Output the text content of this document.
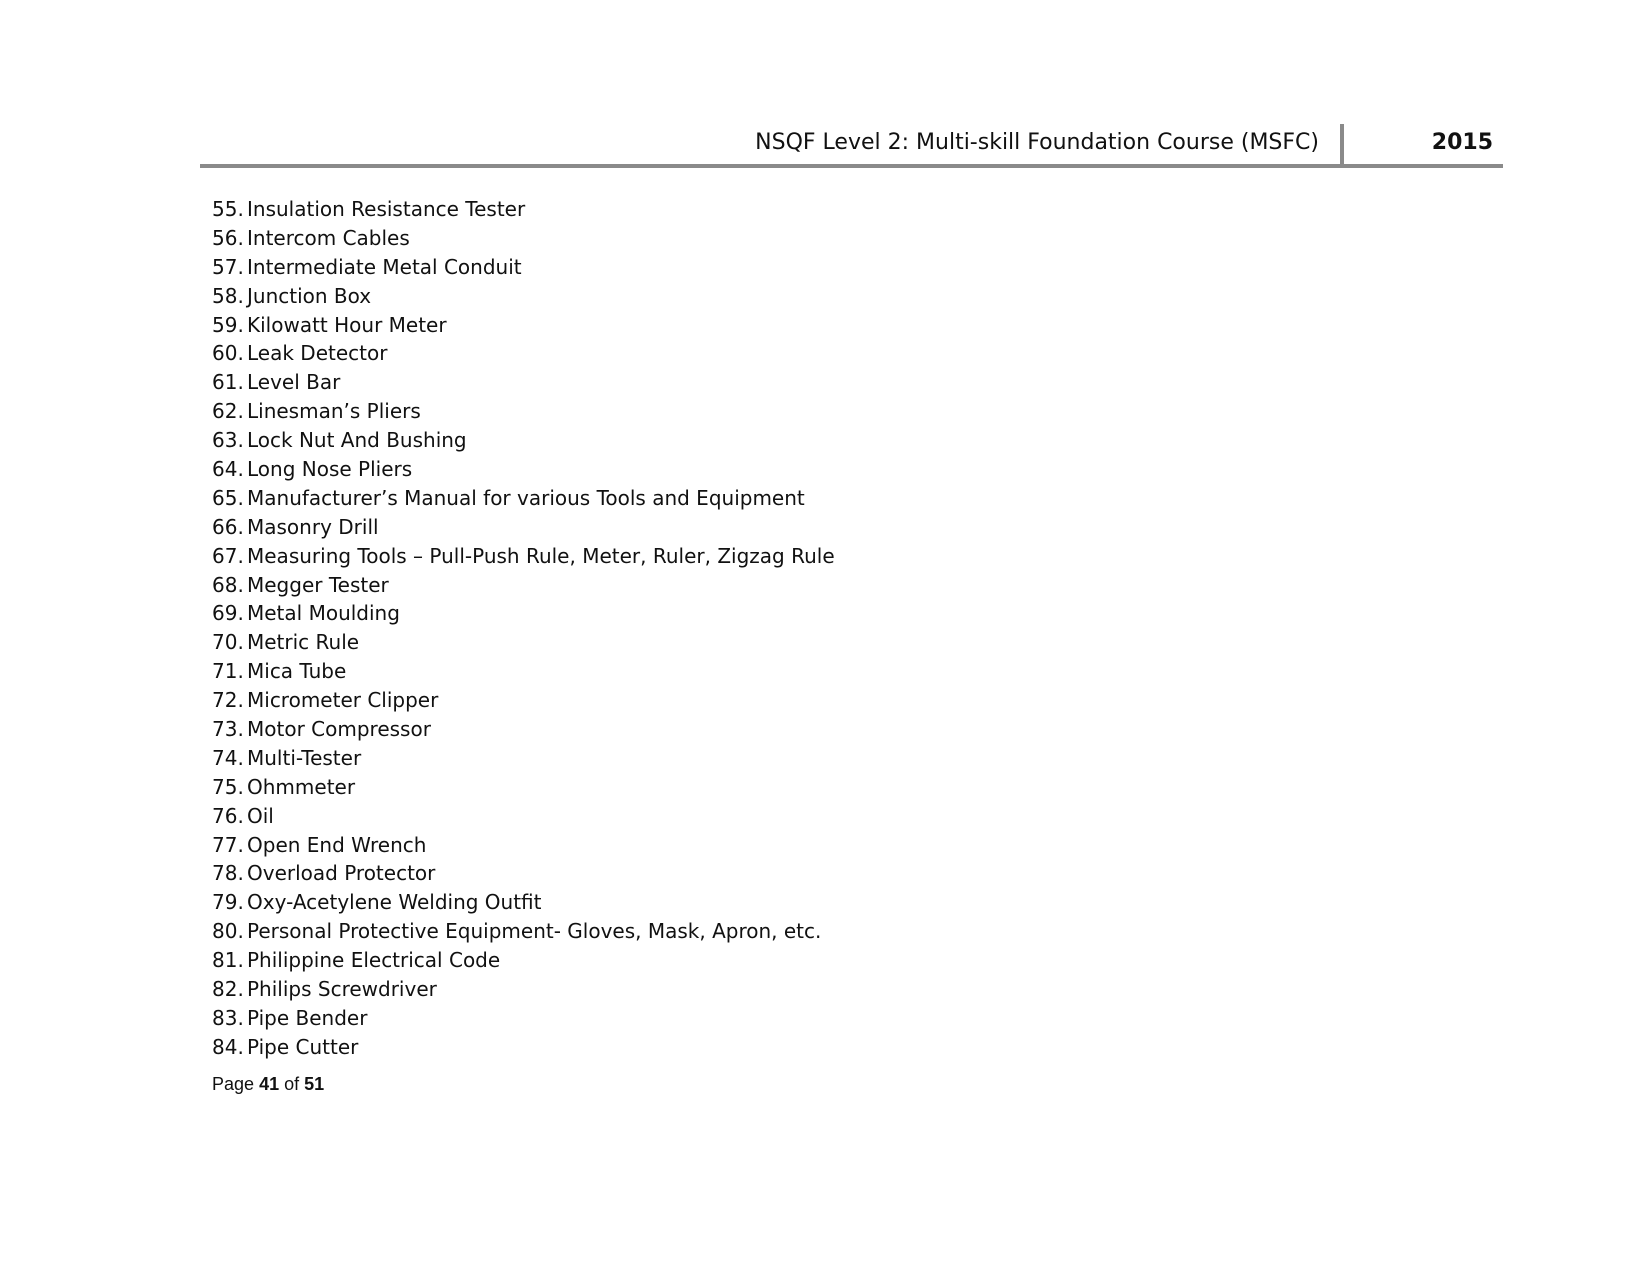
NSQF Level 2: Multi-skill Foundation Course (MSFC)	2015
55. Insulation Resistance Tester
56. Intercom Cables
57. Intermediate Metal Conduit
58. Junction Box
59. Kilowatt Hour Meter
60. Leak Detector
61. Level Bar
62. Linesman’s Pliers
63. Lock Nut And Bushing
64. Long Nose Pliers
65. Manufacturer’s Manual for various Tools and Equipment
66. Masonry Drill
67. Measuring Tools – Pull-Push Rule, Meter, Ruler, Zigzag Rule
68. Megger Tester
69. Metal Moulding
70. Metric Rule
71. Mica Tube
72. Micrometer Clipper
73. Motor Compressor
74. Multi-Tester
75. Ohmmeter
76. Oil
77. Open End Wrench
78. Overload Protector
79. Oxy-Acetylene Welding Outfit
80. Personal Protective Equipment- Gloves, Mask, Apron, etc.
81. Philippine Electrical Code
82. Philips Screwdriver
83. Pipe Bender
84. Pipe Cutter
Page 41 of 51
